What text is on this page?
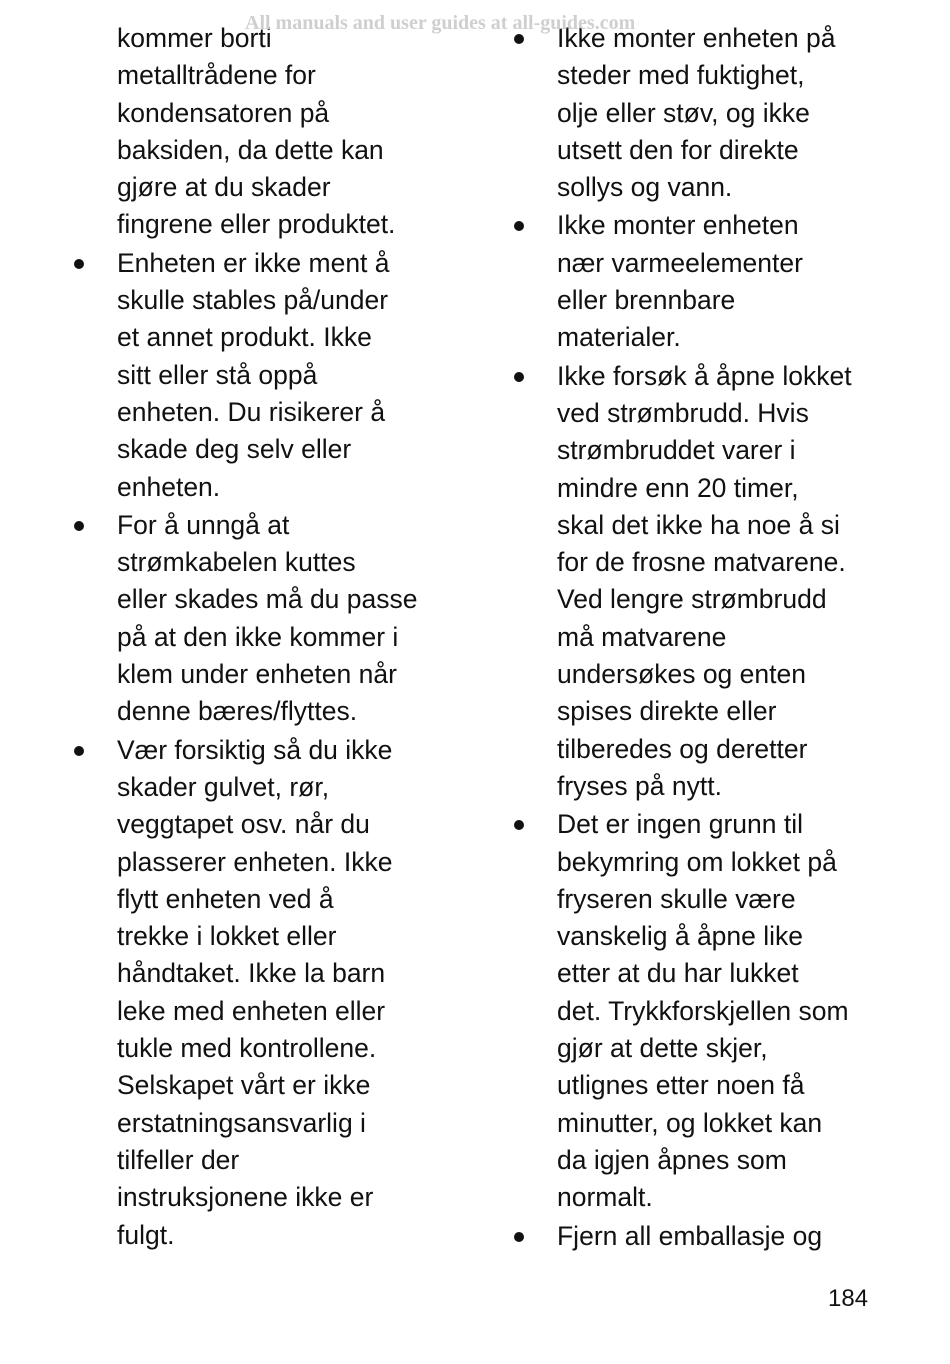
All manuals and user guides at all-guides.com
kommer borti
metalltrådene for
kondensatoren på
baksiden, da dette kan
gjøre at du skader
fingrene eller produktet.
Enheten er ikke ment å
skulle stables på/under
et annet produkt. Ikke
sitt eller stå oppå
enheten. Du risikerer å
skade deg selv eller
enheten.
For å unngå at
strømkabelen kuttes
eller skades må du passe
på at den ikke kommer i
klem under enheten når
denne bæres/flyttes.
Vær forsiktig så du ikke
skader gulvet, rør,
veggtapet osv. når du
plasserer enheten. Ikke
flytt enheten ved å
trekke i lokket eller
håndtaket. Ikke la barn
leke med enheten eller
tukle med kontrollene.
Selskapet vårt er ikke
erstatningsansvarlig i
tilfeller der
instruksjonene ikke er
fulgt.
Ikke monter enheten på
steder med fuktighet,
olje eller støv, og ikke
utsett den for direkte
sollys og vann.
Ikke monter enheten
nær varmeelementer
eller brennbare
materialer.
Ikke forsøk å åpne lokket
ved strømbrudd. Hvis
strømbruddet varer i
mindre enn 20 timer,
skal det ikke ha noe å si
for de frosne matvarene.
Ved lengre strømbrudd
må matvarene
undersøkes og enten
spises direkte eller
tilberedes og deretter
fryses på nytt.
Det er ingen grunn til
bekymring om lokket på
fryseren skulle være
vanskelig å åpne like
etter at du har lukket
det. Trykkforskjellen som
gjør at dette skjer,
utlignes etter noen få
minutter, og lokket kan
da igjen åpnes som
normalt.
Fjern all emballasje og
184
